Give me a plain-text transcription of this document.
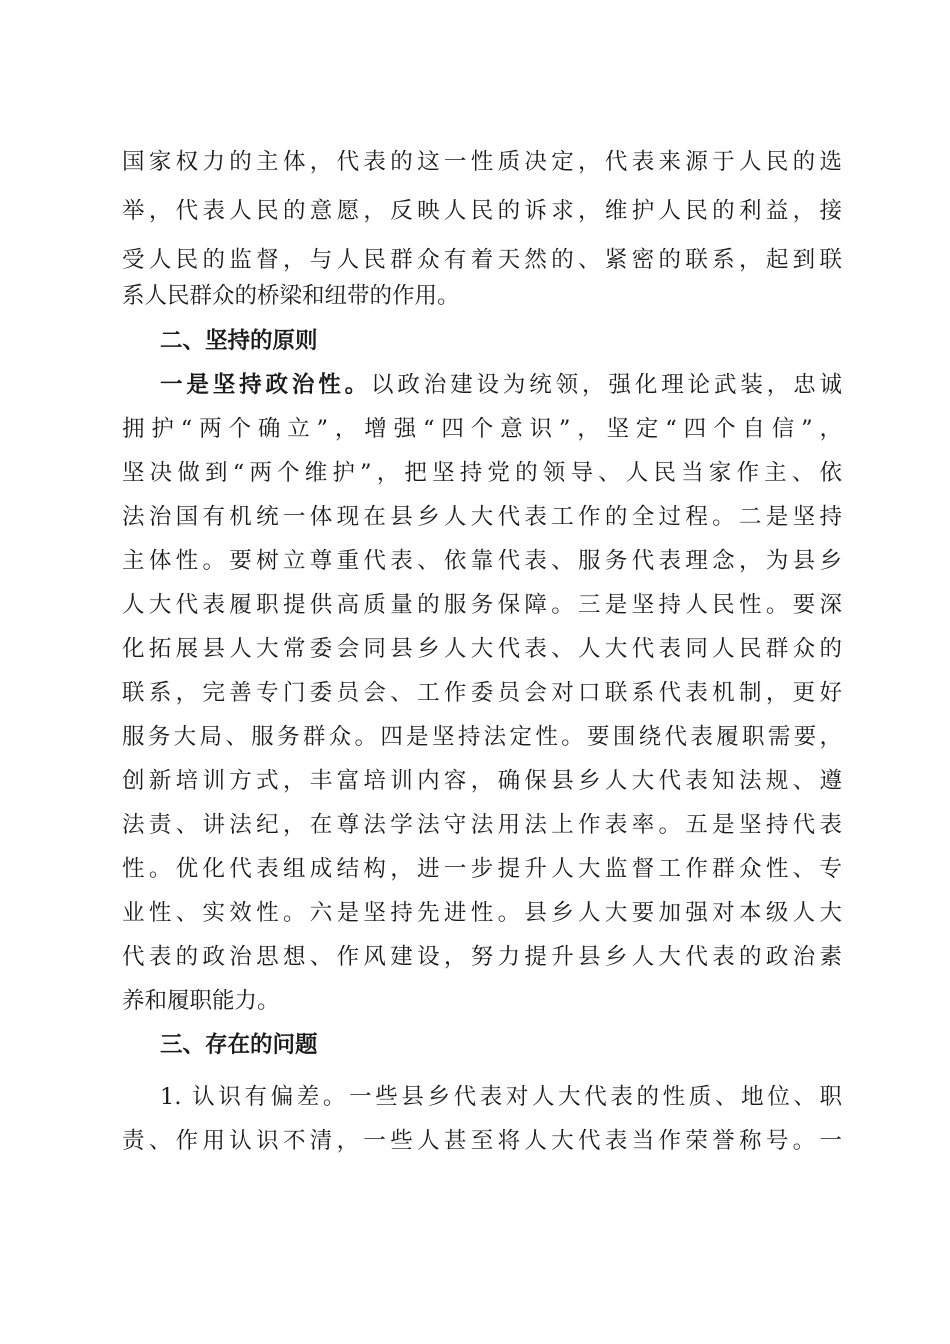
国家权力的主体，代表的这一性质决定，代表来源于人民的选
举，代表人民的意愿，反映人民的诉求，维护人民的利益，接
受人民的监督，与人民群众有着天然的、紧密的联系，起到联
系人民群众的桥梁和纽带的作用。
二、坚持的原则
一是坚持政治性。以政治建设为统领，强化理论武装，忠诚
拥护“两个确立”，增强“四个意识”，坚定“四个自信”，
坚决做到“两个维护”，把坚持党的领导、人民当家作主、依
法治国有机统一体现在县乡人大代表工作的全过程。二是坚持
主体性。要树立尊重代表、依靠代表、服务代表理念，为县乡
人大代表履职提供高质量的服务保障。三是坚持人民性。要深
化拓展县人大常委会同县乡人大代表、人大代表同人民群众的
联系，完善专门委员会、工作委员会对口联系代表机制，更好
服务大局、服务群众。四是坚持法定性。要围绕代表履职需要，
创新培训方式，丰富培训内容，确保县乡人大代表知法规、遵
法责、讲法纪，在尊法学法守法用法上作表率。五是坚持代表
性。优化代表组成结构，进一步提升人大监督工作群众性、专
业性、实效性。六是坚持先进性。县乡人大要加强对本级人大
代表的政治思想、作风建设，努力提升县乡人大代表的政治素
养和履职能力。
三、存在的问题
1. 认识有偏差。一些县乡代表对人大代表的性质、地位、职
责、作用认识不清，一些人甚至将人大代表当作荣誉称号。一
